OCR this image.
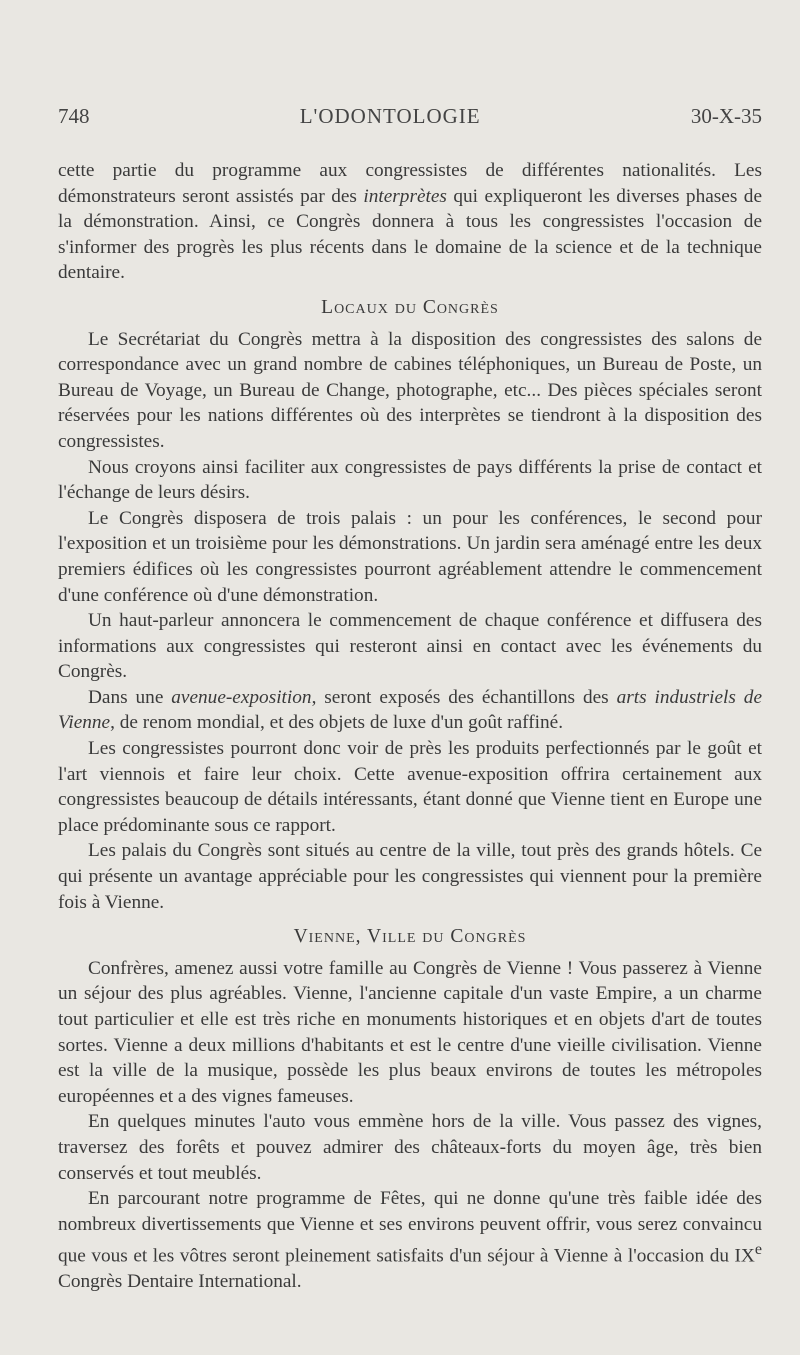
748	L'ODONTOLOGIE	30-X-35

cette partie du programme aux congressistes de différentes nationalités. Les démonstrateurs seront assistés par des interprètes qui expliqueront les diverses phases de la démonstration. Ainsi, ce Congrès donnera à tous les congressistes l'occasion de s'informer des progrès les plus récents dans le domaine de la science et de la technique dentaire.

Locaux du Congrès

Le Secrétariat du Congrès mettra à la disposition des congressistes des salons de correspondance avec un grand nombre de cabines téléphoniques, un Bureau de Poste, un Bureau de Voyage, un Bureau de Change, photographe, etc... Des pièces spéciales seront réservées pour les nations différentes où des interprètes se tiendront à la disposition des congressistes.

Nous croyons ainsi faciliter aux congressistes de pays différents la prise de contact et l'échange de leurs désirs.

Le Congrès disposera de trois palais : un pour les conférences, le second pour l'exposition et un troisième pour les démonstrations. Un jardin sera aménagé entre les deux premiers édifices où les congressistes pourront agréablement attendre le commencement d'une conférence où d'une démonstration.

Un haut-parleur annoncera le commencement de chaque conférence et diffusera des informations aux congressistes qui resteront ainsi en contact avec les événements du Congrès.

Dans une avenue-exposition, seront exposés des échantillons des arts industriels de Vienne, de renom mondial, et des objets de luxe d'un goût raffiné.

Les congressistes pourront donc voir de près les produits perfectionnés par le goût et l'art viennois et faire leur choix. Cette avenue-exposition offrira certainement aux congressistes beaucoup de détails intéressants, étant donné que Vienne tient en Europe une place prédominante sous ce rapport.

Les palais du Congrès sont situés au centre de la ville, tout près des grands hôtels. Ce qui présente un avantage appréciable pour les congressistes qui viennent pour la première fois à Vienne.

Vienne, Ville du Congrès

Confrères, amenez aussi votre famille au Congrès de Vienne ! Vous passerez à Vienne un séjour des plus agréables. Vienne, l'ancienne capitale d'un vaste Empire, a un charme tout particulier et elle est très riche en monuments historiques et en objets d'art de toutes sortes. Vienne a deux millions d'habitants et est le centre d'une vieille civilisation. Vienne est la ville de la musique, possède les plus beaux environs de toutes les métropoles européennes et a des vignes fameuses.

En quelques minutes l'auto vous emmène hors de la ville. Vous passez des vignes, traversez des forêts et pouvez admirer des châteaux-forts du moyen âge, très bien conservés et tout meublés.

En parcourant notre programme de Fêtes, qui ne donne qu'une très faible idée des nombreux divertissements que Vienne et ses environs peuvent offrir, vous serez convaincu que vous et les vôtres seront pleinement satisfaits d'un séjour à Vienne à l'occasion du IXe Congrès Dentaire International.
